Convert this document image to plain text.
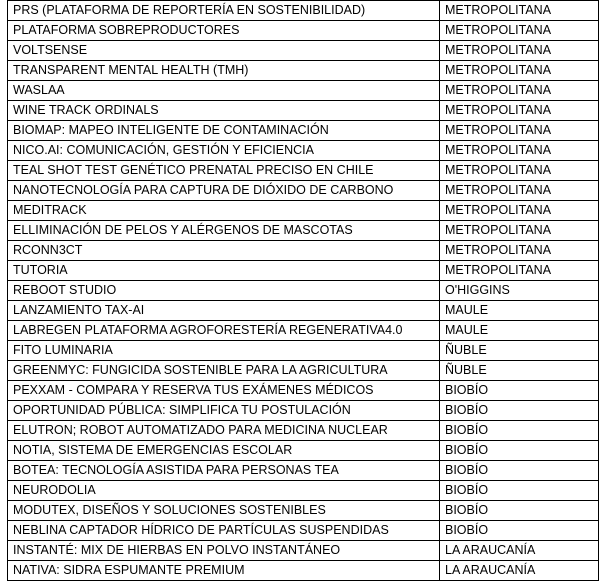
PRS (PLATAFORMA DE REPORTERÍA EN SOSTENIBILIDAD)	METROPOLITANA
PLATAFORMA SOBREPRODUCTORES	METROPOLITANA
VOLTSENSE	METROPOLITANA
TRANSPARENT MENTAL HEALTH (TMH)	METROPOLITANA
WASLAA	METROPOLITANA
WINE TRACK ORDINALS	METROPOLITANA
BIOMAP: MAPEO INTELIGENTE DE CONTAMINACIÓN	METROPOLITANA
NICO.AI: COMUNICACIÓN, GESTIÓN Y EFICIENCIA	METROPOLITANA
TEAL SHOT TEST GENÉTICO PRENATAL PRECISO EN CHILE	METROPOLITANA
NANOTECNOLOGÍA PARA CAPTURA DE DIÓXIDO DE CARBONO	METROPOLITANA
MEDITRACK	METROPOLITANA
ELLIMINACIÓN DE PELOS Y ALÉRGENOS DE MASCOTAS	METROPOLITANA
RCONN3CT	METROPOLITANA
TUTORIA	METROPOLITANA
REBOOT STUDIO	O'HIGGINS
LANZAMIENTO TAX-AI	MAULE
LABREGEN PLATAFORMA AGROFORESTERÍA REGENERATIVA4.0	MAULE
FITO LUMINARIA	ÑUBLE
GREENMYC: FUNGICIDA SOSTENIBLE PARA LA AGRICULTURA	ÑUBLE
PEXXAM - COMPARA Y RESERVA TUS EXÁMENES MÉDICOS	BIOBÍO
OPORTUNIDAD PÚBLICA: SIMPLIFICA TU POSTULACIÓN	BIOBÍO
ELUTRON; ROBOT AUTOMATIZADO PARA MEDICINA NUCLEAR	BIOBÍO
NOTIA, SISTEMA DE EMERGENCIAS ESCOLAR	BIOBÍO
BOTEA: TECNOLOGÍA ASISTIDA PARA PERSONAS TEA	BIOBÍO
NEURODOLIA	BIOBÍO
MODUTEX, DISEÑOS Y SOLUCIONES SOSTENIBLES	BIOBÍO
NEBLINA CAPTADOR HÍDRICO DE PARTÍCULAS SUSPENDIDAS	BIOBÍO
INSTANTÉ: MIX DE HIERBAS EN POLVO INSTANTÁNEO	LA ARAUCANÍA
NATIVA: SIDRA ESPUMANTE PREMIUM	LA ARAUCANÍA
